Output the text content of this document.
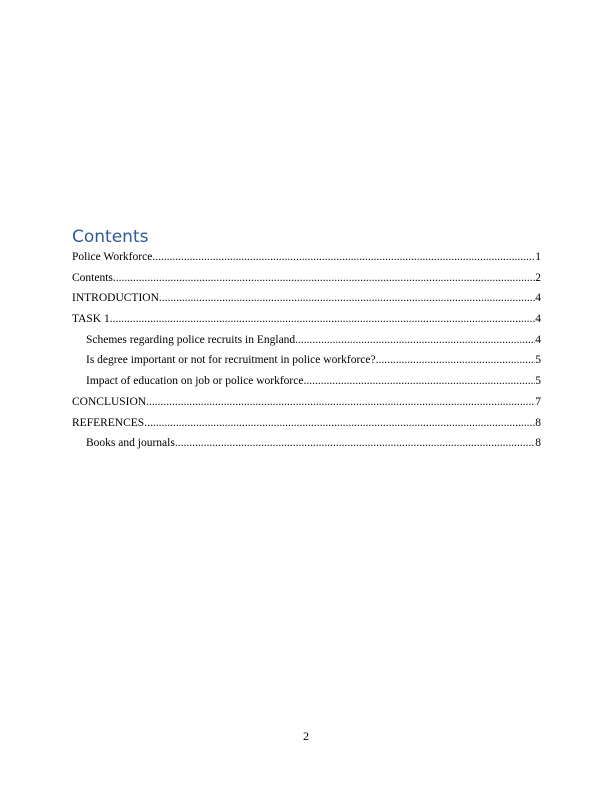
Contents
Police Workforce .....	1
Contents .....	2
INTRODUCTION .....	4
TASK 1 .....	4
Schemes regarding police recruits in England .....	4
Is degree important or not for recruitment in police workforce? .....	5
Impact of education on job or police workforce .....	5
CONCLUSION .....	7
REFERENCES .....	8
Books and journals .....	8
2
